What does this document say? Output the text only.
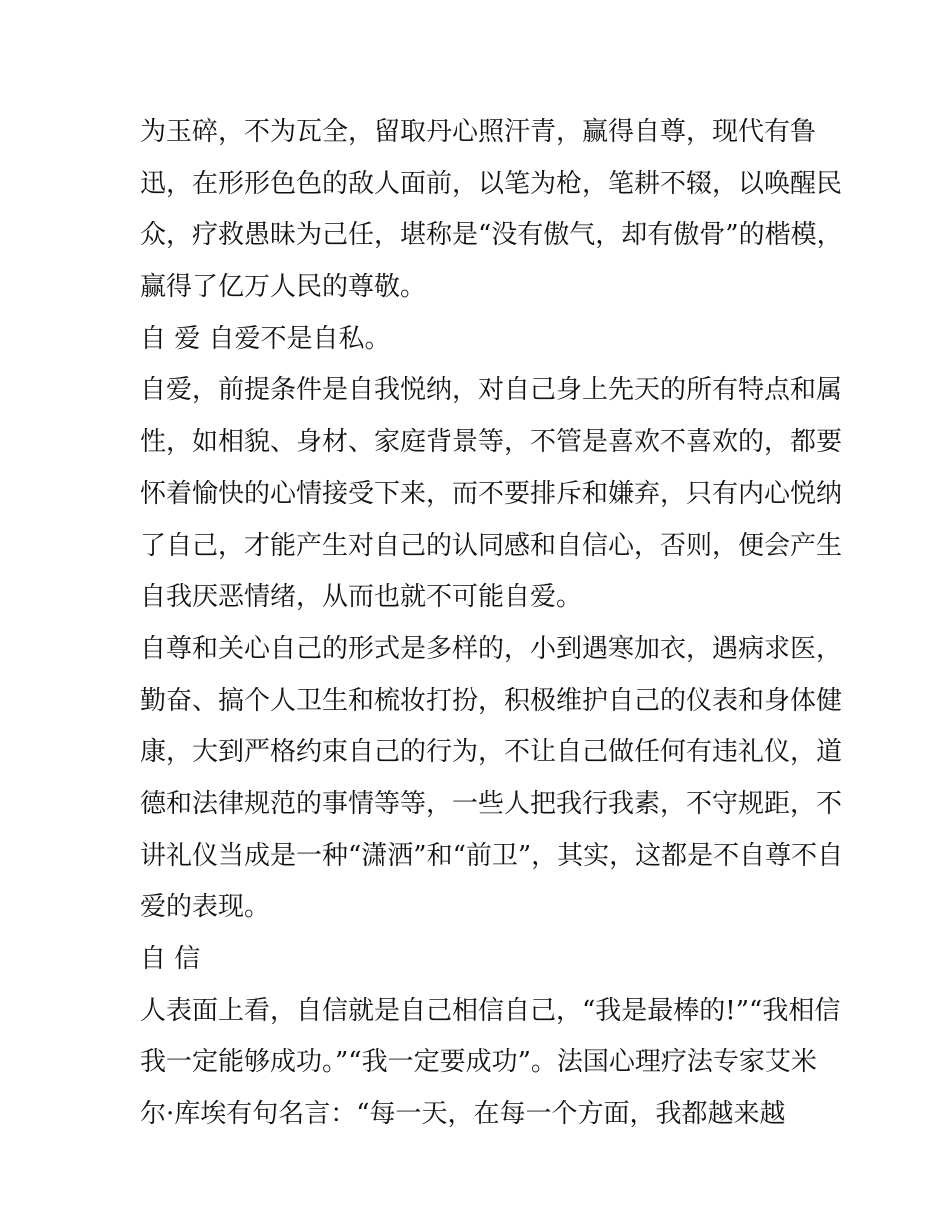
为玉碎，不为瓦全，留取丹心照汗青，赢得自尊，现代有鲁
迅，在形形色色的敌人面前，以笔为枪，笔耕不辍，以唤醒民
众，疗救愚昧为己任，堪称是“没有傲气，却有傲骨”的楷模，
赢得了亿万人民的尊敬。
自 爱 自爱不是自私。
自爱，前提条件是自我悦纳，对自己身上先天的所有特点和属
性，如相貌、身材、家庭背景等，不管是喜欢不喜欢的，都要
怀着愉快的心情接受下来，而不要排斥和嫌弃，只有内心悦纳
了自己，才能产生对自己的认同感和自信心，否则，便会产生
自我厌恶情绪，从而也就不可能自爱。
自尊和关心自己的形式是多样的，小到遇寒加衣，遇病求医，
勤奋、搞个人卫生和梳妆打扮，积极维护自己的仪表和身体健
康，大到严格约束自己的行为，不让自己做任何有违礼仪，道
德和法律规范的事情等等，一些人把我行我素，不守规距，不
讲礼仪当成是一种“潇洒”和“前卫”，其实，这都是不自尊不自
爱的表现。
自 信
人表面上看，自信就是自己相信自己，“我是最棒的!”“我相信
我一定能够成功。”“我一定要成功”。法国心理疗法专家艾米
尔·库埃有句名言：“每一天，在每一个方面，我都越来越
